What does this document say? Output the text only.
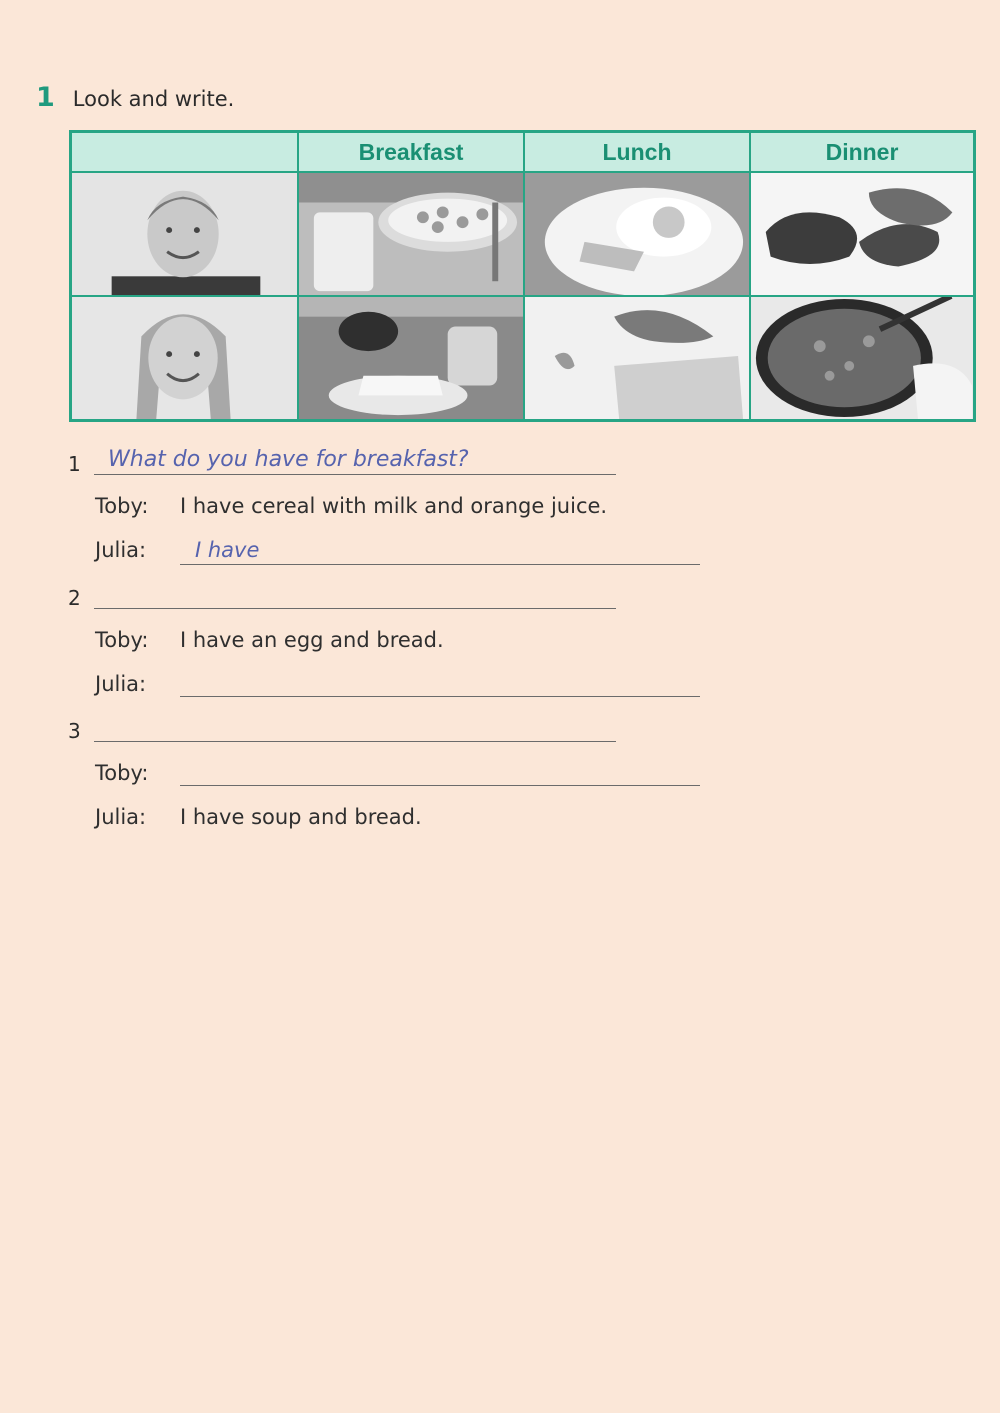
1 Look and write.
Breakfast	Lunch	Dinner
1 What do you have for breakfast?
Toby: I have cereal with milk and orange juice.
Julia: I have
2
Toby: I have an egg and bread.
Julia:
3
Toby:
Julia: I have soup and bread.
